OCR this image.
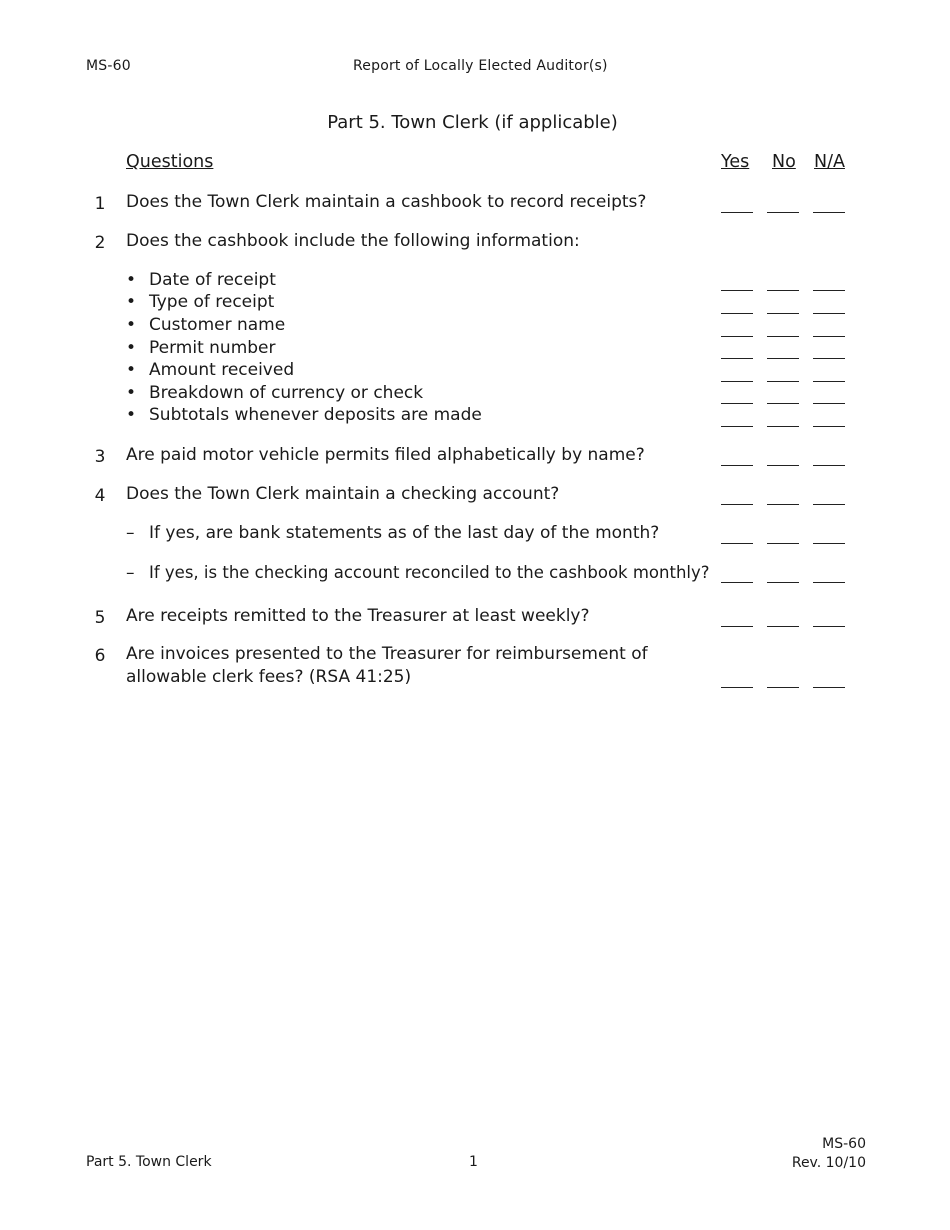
MS-60	Report of Locally Elected Auditor(s)
Part 5. Town Clerk (if applicable)
Questions	Yes No N/A
1 Does the Town Clerk maintain a cashbook to record receipts?
2 Does the cashbook include the following information:
• Date of receipt
• Type of receipt
• Customer name
• Permit number
• Amount received
• Breakdown of currency or check
• Subtotals whenever deposits are made
3 Are paid motor vehicle permits filed alphabetically by name?
4 Does the Town Clerk maintain a checking account?
– If yes, are bank statements as of the last day of the month?
– If yes, is the checking account reconciled to the cashbook monthly?
5 Are receipts remitted to the Treasurer at least weekly?
6 Are invoices presented to the Treasurer for reimbursement of
allowable clerk fees? (RSA 41:25)
Part 5. Town Clerk	1
MS-60
Rev. 10/10
